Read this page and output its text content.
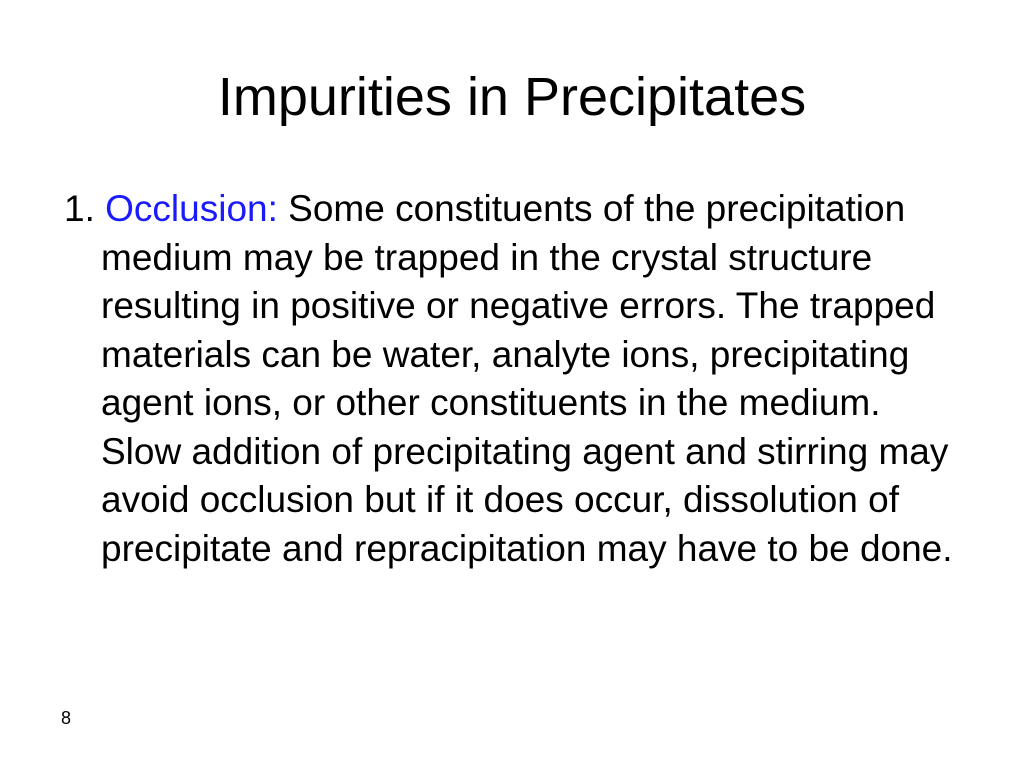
Impurities in Precipitates
1. Occlusion: Some constituents of the precipitation medium may be trapped in the crystal structure resulting in positive or negative errors. The trapped materials can be water, analyte ions, precipitating agent ions, or other constituents in the medium. Slow addition of precipitating agent and stirring may avoid occlusion but if it does occur, dissolution of precipitate and repracipitation may have to be done.
8
